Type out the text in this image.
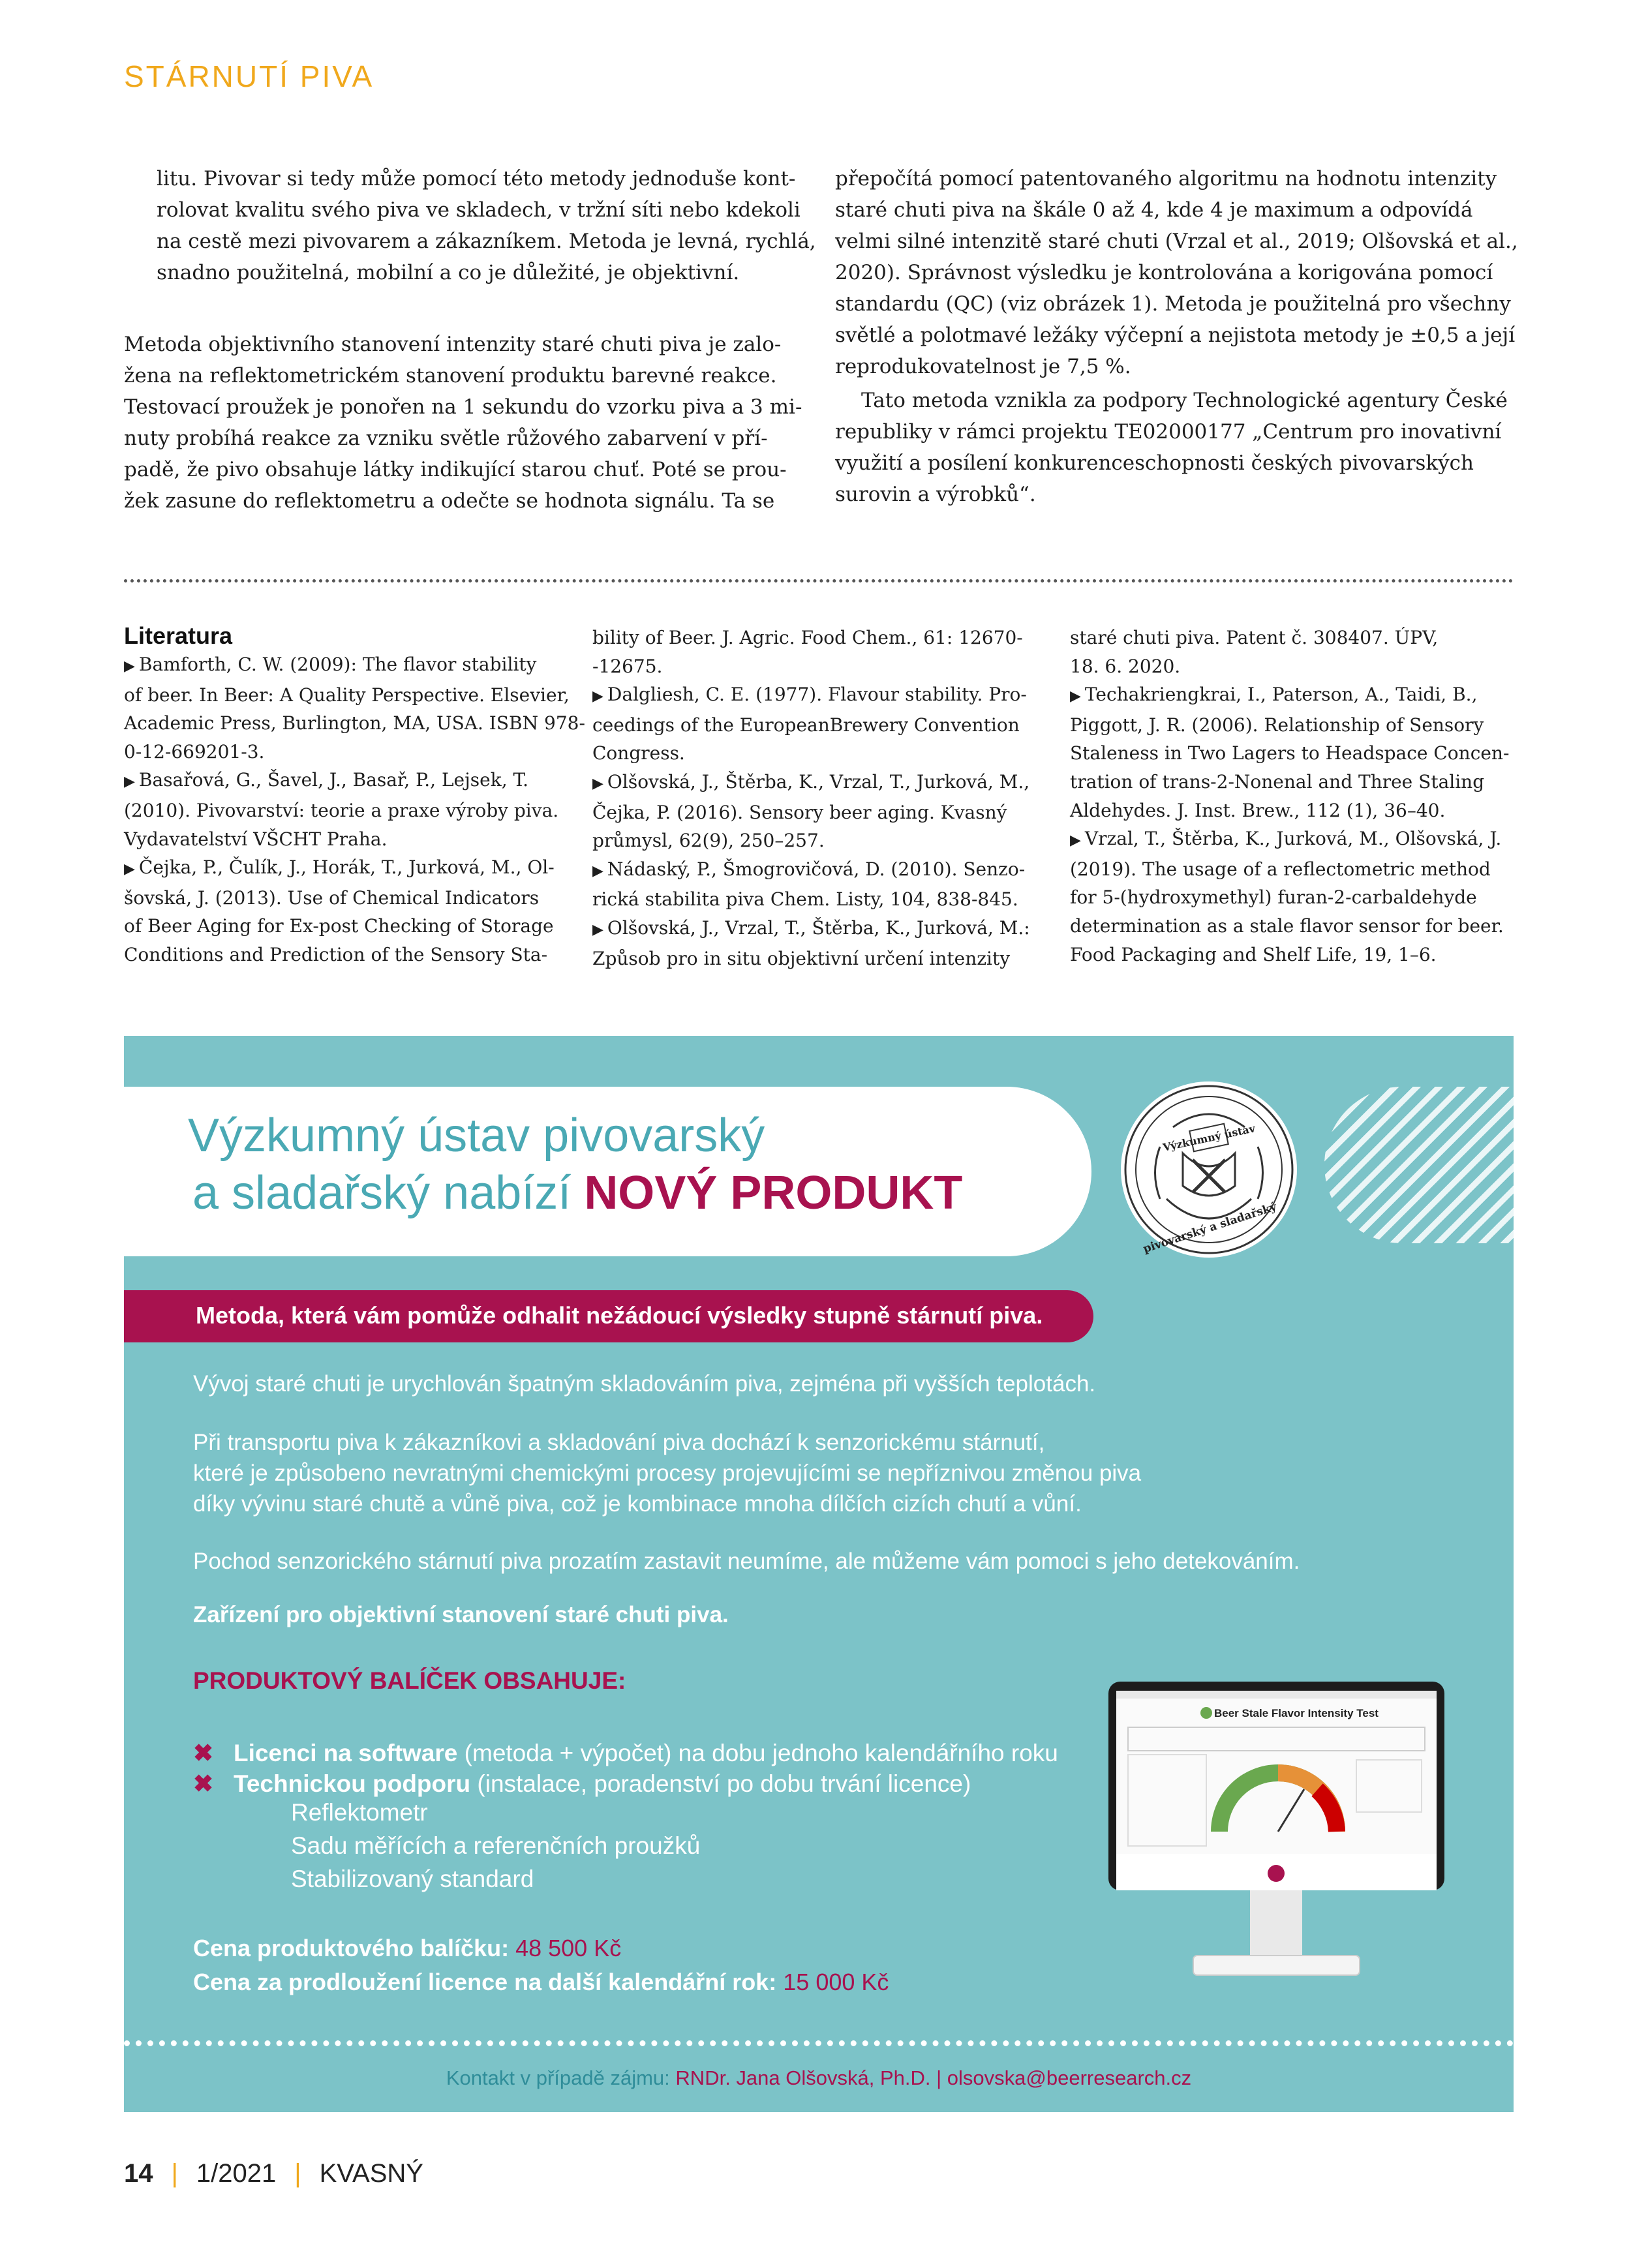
STÁRNUTÍ PIVA
litu. Pivovar si tedy může pomocí této metody jednoduše kont-
rolovat kvalitu svého piva ve skladech, v tržní síti nebo kdekoli
na cestě mezi pivovarem a zákazníkem. Metoda je levná, rychlá,
snadno použitelná, mobilní a co je důležité, je objektivní.
Metoda objektivního stanovení intenzity staré chuti piva je zalo-
žena na reflektometrickém stanovení produktu barevné reakce.
Testovací proužek je ponořen na 1 sekundu do vzorku piva a 3 mi-
nuty probíhá reakce za vzniku světle růžového zabarvení v pří-
padě, že pivo obsahuje látky indikující starou chuť. Poté se prou-
žek zasune do reflektometru a odečte se hodnota signálu. Ta se
přepočítá pomocí patentovaného algoritmu na hodnotu intenzity
staré chuti piva na škále 0 až 4, kde 4 je maximum a odpovídá
velmi silné intenzitě staré chuti (Vrzal et al., 2019; Olšovská et al.,
2020). Správnost výsledku je kontrolována a korigována pomocí
standardu (QC) (viz obrázek 1). Metoda je použitelná pro všechny
světlé a polotmavé ležáky výčepní a nejistota metody je ±0,5 a její
reprodukovatelnost je 7,5 %.
Tato metoda vznikla za podpory Technologické agentury České
republiky v rámci projektu TE02000177 „Centrum pro inovativní
využití a posílení konkurenceschopnosti českých pivovarských
surovin a výrobků“.
Literatura
▶ Bamforth, C. W. (2009): The flavor stability
of beer. In Beer: A Quality Perspective. Elsevier,
Academic Press, Burlington, MA, USA. ISBN 978-
0-12-669201-3.
▶ Basařová, G., Šavel, J., Basař, P., Lejsek, T.
(2010). Pivovarství: teorie a praxe výroby piva.
Vydavatelství VŠCHT Praha.
▶ Čejka, P., Čulík, J., Horák, T., Jurková, M., Ol-
šovská, J. (2013). Use of Chemical Indicators
of Beer Aging for Ex-post Checking of Storage
Conditions and Prediction of the Sensory Sta-
bility of Beer. J. Agric. Food Chem., 61: 12670-
-12675.
▶ Dalgliesh, C. E. (1977). Flavour stability. Pro-
ceedings of the EuropeanBrewery Convention
Congress.
▶ Olšovská, J., Štěrba, K., Vrzal, T., Jurková, M.,
Čejka, P. (2016). Sensory beer aging. Kvasný
průmysl, 62(9), 250–257.
▶ Nádaský, P., Šmogrovičová, D. (2010). Senzo-
rická stabilita piva Chem. Listy, 104, 838-845.
▶ Olšovská, J., Vrzal, T., Štěrba, K., Jurková, M.:
Způsob pro in situ objektivní určení intenzity
staré chuti piva. Patent č. 308407. ÚPV,
18. 6. 2020.
▶ Techakriengkrai, I., Paterson, A., Taidi, B.,
Piggott, J. R. (2006). Relationship of Sensory
Staleness in Two Lagers to Headspace Concen-
tration of trans-2-Nonenal and Three Staling
Aldehydes. J. Inst. Brew., 112 (1), 36–40.
▶ Vrzal, T., Štěrba, K., Jurková, M., Olšovská, J.
(2019). The usage of a reflectometric method
for 5-(hydroxymethyl) furan-2-carbaldehyde
determination as a stale flavor sensor for beer.
Food Packaging and Shelf Life, 19, 1–6.
Výzkumný ústav pivovarský
a sladařský nabízí NOVÝ PRODUKT
Výzkumný ústav
pivovarský a sladařský
Metoda, která vám pomůže odhalit nežádoucí výsledky stupně stárnutí piva.
Vývoj staré chuti je urychlován špatným skladováním piva, zejména při vyšších teplotách.
Při transportu piva k zákazníkovi a skladování piva dochází k senzorickému stárnutí,
které je způsobeno nevratnými chemickými procesy projevujícími se nepříznivou změnou piva
díky vývinu staré chutě a vůně piva, což je kombinace mnoha dílčích cizích chutí a vůní.
Pochod senzorického stárnutí piva prozatím zastavit neumíme, ale můžeme vám pomoci s jeho detekováním.
Zařízení pro objektivní stanovení staré chuti piva.
PRODUKTOVÝ BALÍČEK OBSAHUJE:
✖ Licenci na software (metoda + výpočet) na dobu jednoho kalendářního roku
✖ Technickou podporu (instalace, poradenství po dobu trvání licence)
Reflektometr
Sadu měřících a referenčních proužků
Stabilizovaný standard
Cena produktového balíčku: 48 500 Kč
Cena za prodloužení licence na další kalendářní rok: 15 000 Kč
Beer Stale Flavor Intensity Test
Kontakt v případě zájmu: RNDr. Jana Olšovská, Ph.D. | olsovska@beerresearch.cz
14 | 1/2021 | KVASNÝ
